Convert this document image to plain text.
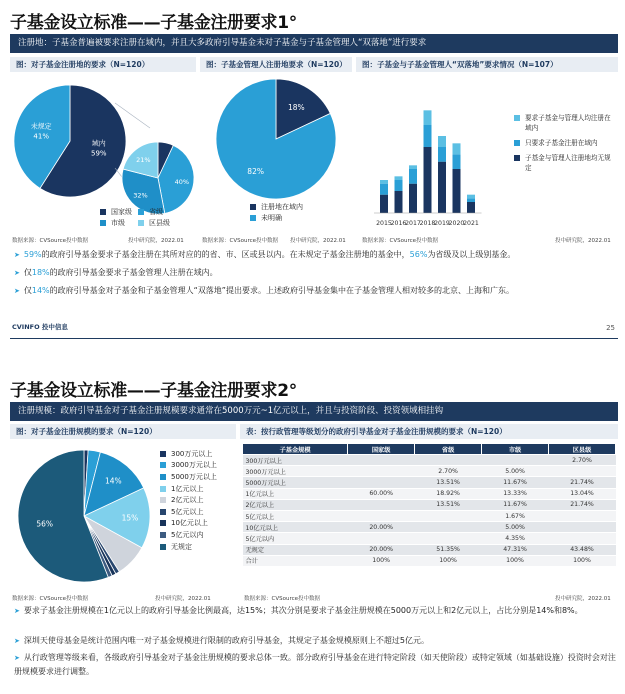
子基金设立标准——子基金注册要求1°
注册地：子基金普遍被要求注册在域内，并且大多政府引导基金未对子基金与子基金管理人“双落地”进行要求
图：对子基金注册地的要求（N=120）	图：子基金管理人注册地要求（N=120）	图：子基金与子基金管理人“双落地”要求情况（N=107）
域内
59%
未规定
41%
7%
40%
32%
21%
国家级
市级
省级
区县级
数据来源：CVSource投中数据	投中研究院，2022.01
18%
82%
注册地在域内
未明确
数据来源：CVSource投中数据 投中研究院，2022.01
2015
2016
2017
2018
2019
2020
2021
要求子基金与管理人均注册在域内
只要求子基金注册在域内
子基金与管理人注册地均无规定
数据来源：CVSource投中数据	投中研究院，2022.01
➤ 59%的政府引导基金要求子基金注册在其所对应的的省、市、区或县以内。在未规定子基金注册地的基金中，56%为省级及以上级别基金。
➤ 仅18%的政府引导基金要求子基金管理人注册在域内。
➤ 仅14%的政府引导基金对子基金和子基金管理人“双落地”提出要求。上述政府引导基金集中在子基金管理人相对较多的北京、上海和广东。
CVINFO 投中信息	25
子基金设立标准——子基金注册要求2°
注册规模：政府引导基金对子基金注册规模要求通常在5000万元~1亿元以上，并且与投资阶段、投资领域相挂钩
图：对子基金注册规模的要求（N=120）	表：按行政管理等级划分的政府引导基金对子基金注册规模的要求（N=120）
14%
15%
56%
300万元以上
3000万元以上
5000万元以上
1亿元以上
2亿元以上
5亿元以上
10亿元以上
5亿元以内
无规定
数据来源：CVSource投中数据	投中研究院，2022.01
子基金规模	国家级	省级	市级	区县级
300万元以上				2.70%
3000万元以上		2.70%	5.00%	
5000万元以上		13.51%	11.67%	21.74%
1亿元以上	60.00%	18.92%	13.33%	13.04%
2亿元以上		13.51%	11.67%	21.74%
5亿元以上			1.67%	
10亿元以上	20.00%		5.00%	
5亿元以内			4.35%	
无规定	20.00%	51.35%	47.31%	43.48%
合计	100%	100%	100%	100%
数据来源：CVSource投中数据	投中研究院，2022.01
➤ 要求子基金注册规模在1亿元以上的政府引导基金比例最高，达15%；其次分别是要求子基金注册规模在5000万元以上和2亿元以上，占比分别是14%和8%。
➤ 深圳天使母基金是统计范围内唯一对子基金规模进行限制的政府引导基金，其规定子基金规模原则上不超过5亿元。
➤ 从行政管理等级来看，各级政府引导基金对子基金注册规模的要求总体一致。部分政府引导基金在进行特定阶段（如天使阶段）或特定领域（如基础设施）投资时会对注册规模要求进行调整。
